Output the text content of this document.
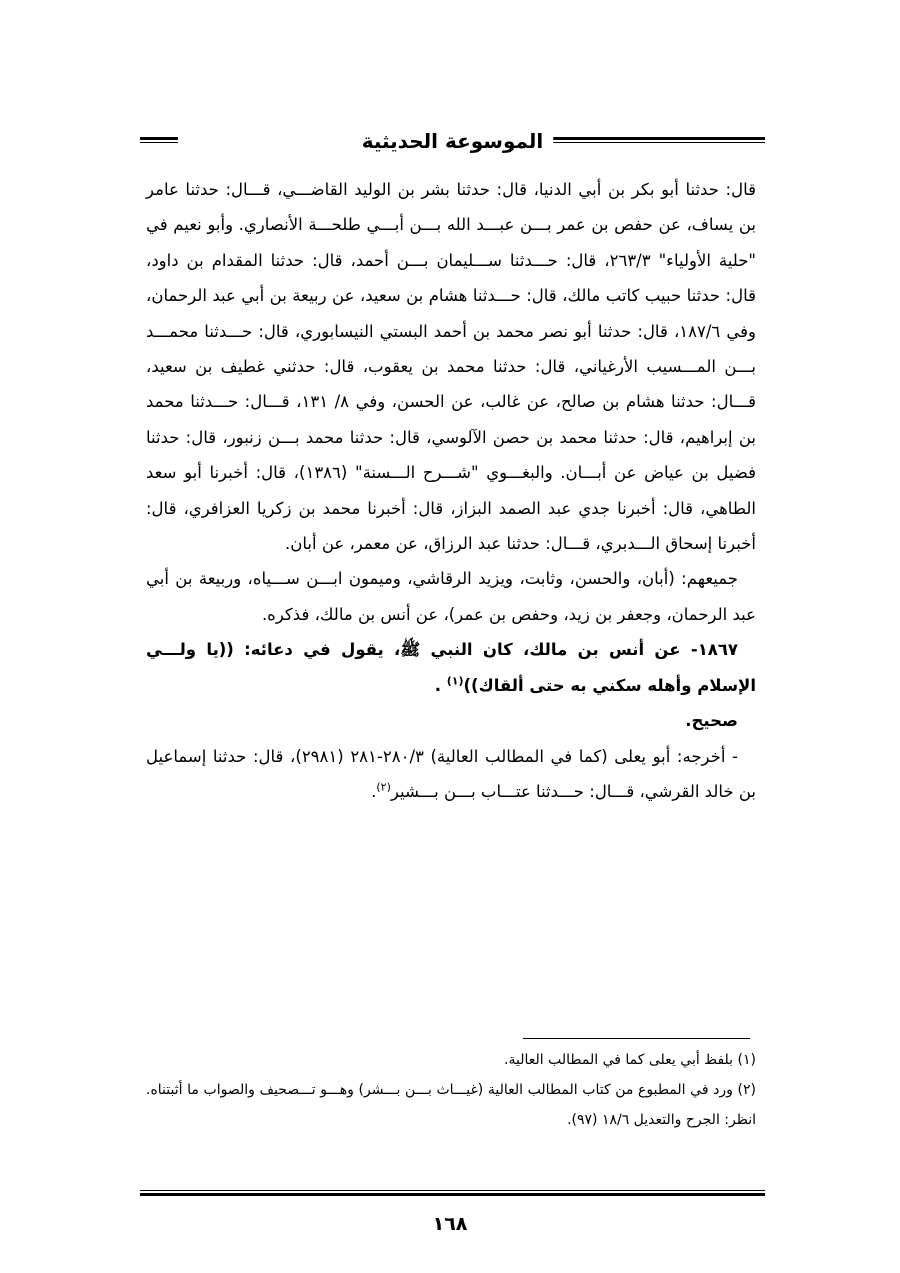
الموسوعة الحديثية

قال: حدثنا أبو بكر بن أبي الدنيا، قال: حدثنا بشر بن الوليد القاضـــي، قـــال: حدثنا عامر بن يساف، عن حفص بن عمر بـــن عبـــد الله بـــن أبـــي طلحـــة الأنصاري. وأبو نعيم في "حلية الأولياء" ٢٦٣/٣، قال: حـــدثنا ســـليمان بـــن أحمد، قال: حدثنا المقدام بن داود، قال: حدثنا حبيب كاتب مالك، قال: حـــدثنا هشام بن سعيد، عن ربيعة بن أبي عبد الرحمان، وفي ١٨٧/٦، قال: حدثنا أبو نصر محمد بن أحمد البستي النيسابوري، قال: حـــدثنا محمـــد بـــن المـــسيب الأرغياني، قال: حدثنا محمد بن يعقوب، قال: حدثني غطيف بن سعيد، قـــال: حدثنا هشام بن صالح، عن غالب، عن الحسن، وفي ٨/ ١٣١، قـــال: حـــدثنا محمد بن إبراهيم، قال: حدثنا محمد بن حصن الآلوسي، قال: حدثنا محمد بـــن زنبور، قال: حدثنا فضيل بن عياض عن أبـــان. والبغـــوي "شـــرح الـــسنة" (١٣٨٦)، قال: أخبرنا أبو سعد الطاهي، قال: أخبرنا جدي عبد الصمد البزاز، قال: أخبرنا محمد بن زكريا العزافري، قال: أخبرنا إسحاق الـــدبري، قـــال: حدثنا عبد الرزاق، عن معمر، عن أبان.

جميعهم: (أبان، والحسن، وثابت، ويزيد الرقاشي، وميمون ابـــن ســـياه، وربيعة بن أبي عبد الرحمان، وجعفر بن زيد، وحفص بن عمر)، عن أنس بن مالك، فذكره.

١٨٦٧- عن أنس بن مالك، كان النبي ﷺ، يقول في دعائه: ((يا ولـــي الإسلام وأهله سكني به حتى ألقاك))$^{(١)}$ .

صحيح.

- أخرجه: أبو يعلى (كما في المطالب العالية) ٢٨٠/٣-٢٨١ (٢٩٨١)، قال: حدثنا إسماعيل بن خالد القرشي، قـــال: حـــدثنا عتـــاب بـــن بـــشير$^{(٢)}$.

(١) بلفظ أبي يعلى كما في المطالب العالية.

(٢) ورد في المطبوع من كتاب المطالب العالية (غيـــاث بـــن بـــشر) وهـــو تـــصحيف والصواب ما أثبتناه. انظر: الجرح والتعديل ١٨/٦ (٩٧).

١٦٨
